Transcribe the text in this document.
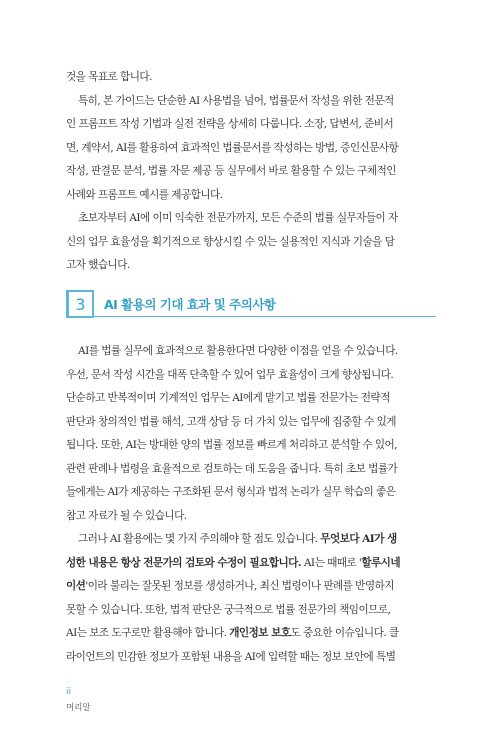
것을 목표로 합니다.

특히, 본 가이드는 단순한 AI 사용법을 넘어, 법률문서 작성을 위한 전문적
인 프롬프트 작성 기법과 실전 전략을 상세히 다룹니다. 소장, 답변서, 준비서
면, 계약서, AI를 활용하여 효과적인 법률문서를 작성하는 방법, 증인신문사항
작성, 판결문 분석, 법률 자문 제공 등 실무에서 바로 활용할 수 있는 구체적인
사례와 프롬프트 예시를 제공합니다.

초보자부터 AI에 이미 익숙한 전문가까지, 모든 수준의 법률 실무자들이 자
신의 업무 효율성을 획기적으로 향상시킬 수 있는 실용적인 지식과 기술을 담
고자 했습니다.

3 AI 활용의 기대 효과 및 주의사항

AI를 법률 실무에 효과적으로 활용한다면 다양한 이점을 얻을 수 있습니다.
우선, 문서 작성 시간을 대폭 단축할 수 있어 업무 효율성이 크게 향상됩니다.
단순하고 반복적이며 기계적인 업무는 AI에게 맡기고 법률 전문가는 전략적
판단과 창의적인 법률 해석, 고객 상담 등 더 가치 있는 업무에 집중할 수 있게
됩니다. 또한, AI는 방대한 양의 법률 정보를 빠르게 처리하고 분석할 수 있어,
관련 판례나 법령을 효율적으로 검토하는 데 도움을 줍니다. 특히 초보 법률가
들에게는 AI가 제공하는 구조화된 문서 형식과 법적 논리가 실무 학습의 좋은
참고 자료가 될 수 있습니다.

그러나 AI 활용에는 몇 가지 주의해야 할 점도 있습니다. 무엇보다 AI가 생
성한 내용은 항상 전문가의 검토와 수정이 필요합니다. AI는 때때로 '할루시네
이션'이라 불리는 잘못된 정보를 생성하거나, 최신 법령이나 판례를 반영하지
못할 수 있습니다. 또한, 법적 판단은 궁극적으로 법률 전문가의 책임이므로,
AI는 보조 도구로만 활용해야 합니다. 개인정보 보호도 중요한 이슈입니다. 클
라이언트의 민감한 정보가 포함된 내용을 AI에 입력할 때는 정보 보안에 특별

ii
머리말
